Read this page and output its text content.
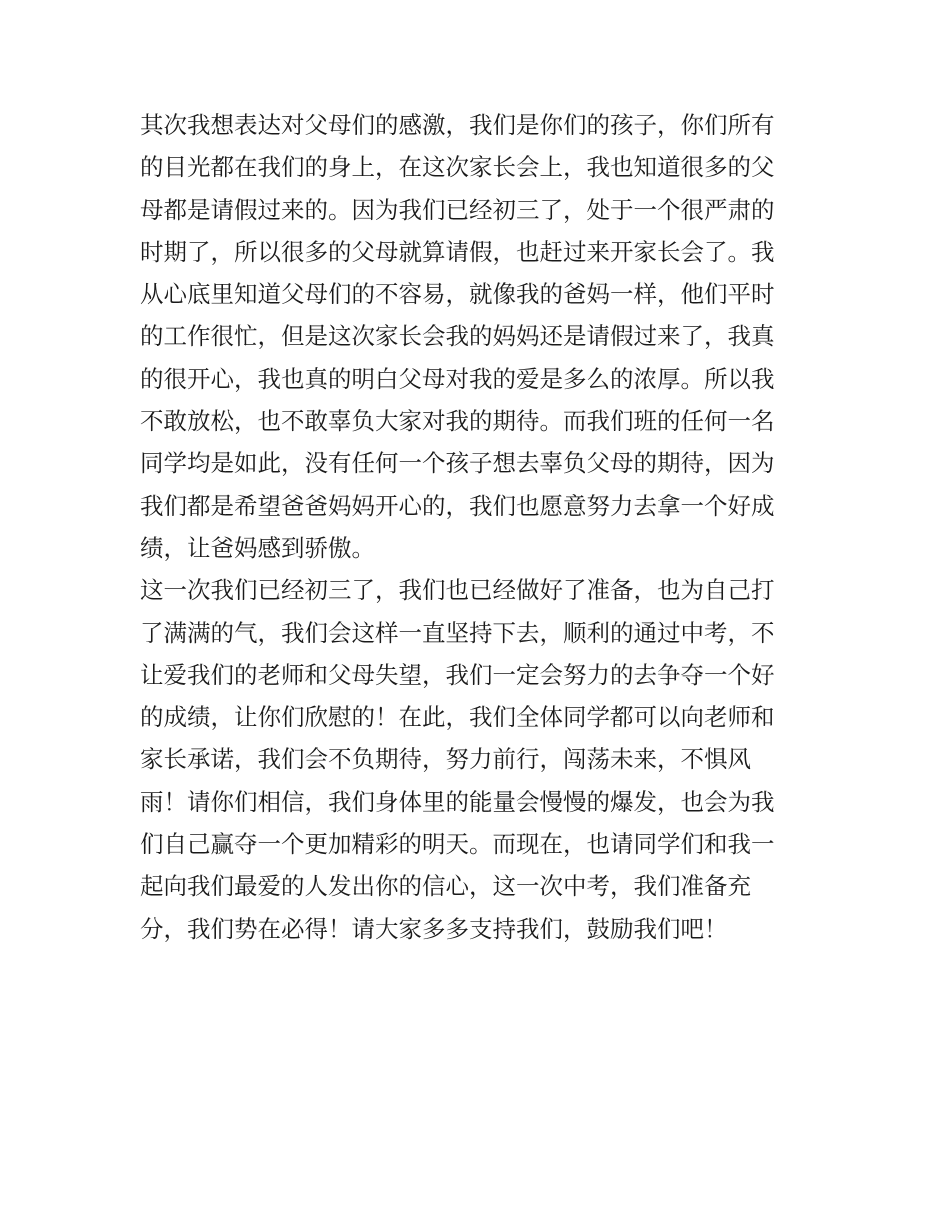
其次我想表达对父母们的感激，我们是你们的孩子，你们所有
的目光都在我们的身上，在这次家长会上，我也知道很多的父
母都是请假过来的。因为我们已经初三了，处于一个很严肃的
时期了，所以很多的父母就算请假，也赶过来开家长会了。我
从心底里知道父母们的不容易，就像我的爸妈一样，他们平时
的工作很忙，但是这次家长会我的妈妈还是请假过来了，我真
的很开心，我也真的明白父母对我的爱是多么的浓厚。所以我
不敢放松，也不敢辜负大家对我的期待。而我们班的任何一名
同学均是如此，没有任何一个孩子想去辜负父母的期待，因为
我们都是希望爸爸妈妈开心的，我们也愿意努力去拿一个好成
绩，让爸妈感到骄傲。
这一次我们已经初三了，我们也已经做好了准备，也为自己打
了满满的气，我们会这样一直坚持下去，顺利的通过中考，不
让爱我们的老师和父母失望，我们一定会努力的去争夺一个好
的成绩，让你们欣慰的！在此，我们全体同学都可以向老师和
家长承诺，我们会不负期待，努力前行，闯荡未来，不惧风
雨！请你们相信，我们身体里的能量会慢慢的爆发，也会为我
们自己赢夺一个更加精彩的明天。而现在，也请同学们和我一
起向我们最爱的人发出你的信心，这一次中考，我们准备充
分，我们势在必得！请大家多多支持我们，鼓励我们吧！
